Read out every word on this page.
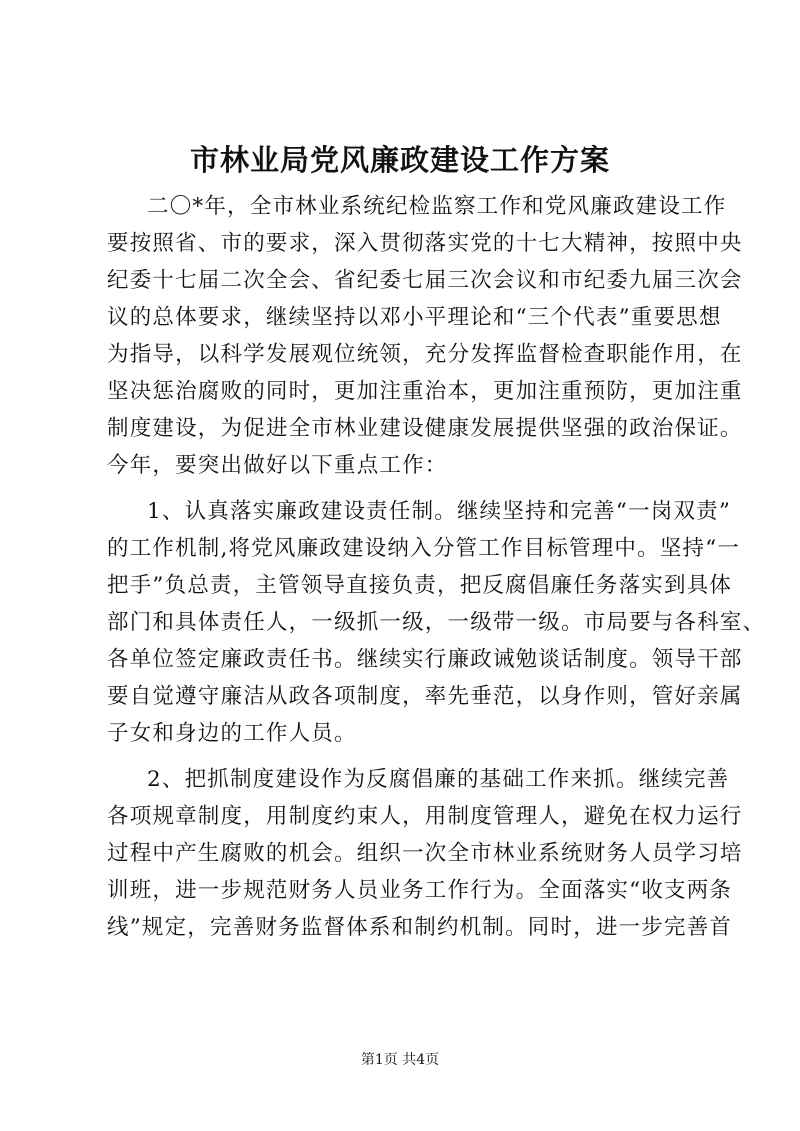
市林业局党风廉政建设工作方案
二〇*年，全市林业系统纪检监察工作和党风廉政建设工作
要按照省、市的要求，深入贯彻落实党的十七大精神，按照中央
纪委十七届二次全会、省纪委七届三次会议和市纪委九届三次会
议的总体要求，继续坚持以邓小平理论和“三个代表”重要思想
为指导，以科学发展观位统领，充分发挥监督检查职能作用，在
坚决惩治腐败的同时，更加注重治本，更加注重预防，更加注重
制度建设，为促进全市林业建设健康发展提供坚强的政治保证。
今年，要突出做好以下重点工作：
1、认真落实廉政建设责任制。继续坚持和完善“一岗双责”
的工作机制,将党风廉政建设纳入分管工作目标管理中。坚持“一
把手”负总责，主管领导直接负责，把反腐倡廉任务落实到具体
部门和具体责任人，一级抓一级，一级带一级。市局要与各科室、
各单位签定廉政责任书。继续实行廉政诫勉谈话制度。领导干部
要自觉遵守廉洁从政各项制度，率先垂范，以身作则，管好亲属
子女和身边的工作人员。
2、把抓制度建设作为反腐倡廉的基础工作来抓。继续完善
各项规章制度，用制度约束人，用制度管理人，避免在权力运行
过程中产生腐败的机会。组织一次全市林业系统财务人员学习培
训班，进一步规范财务人员业务工作行为。全面落实“收支两条
线”规定，完善财务监督体系和制约机制。同时，进一步完善首
第1页 共4页
